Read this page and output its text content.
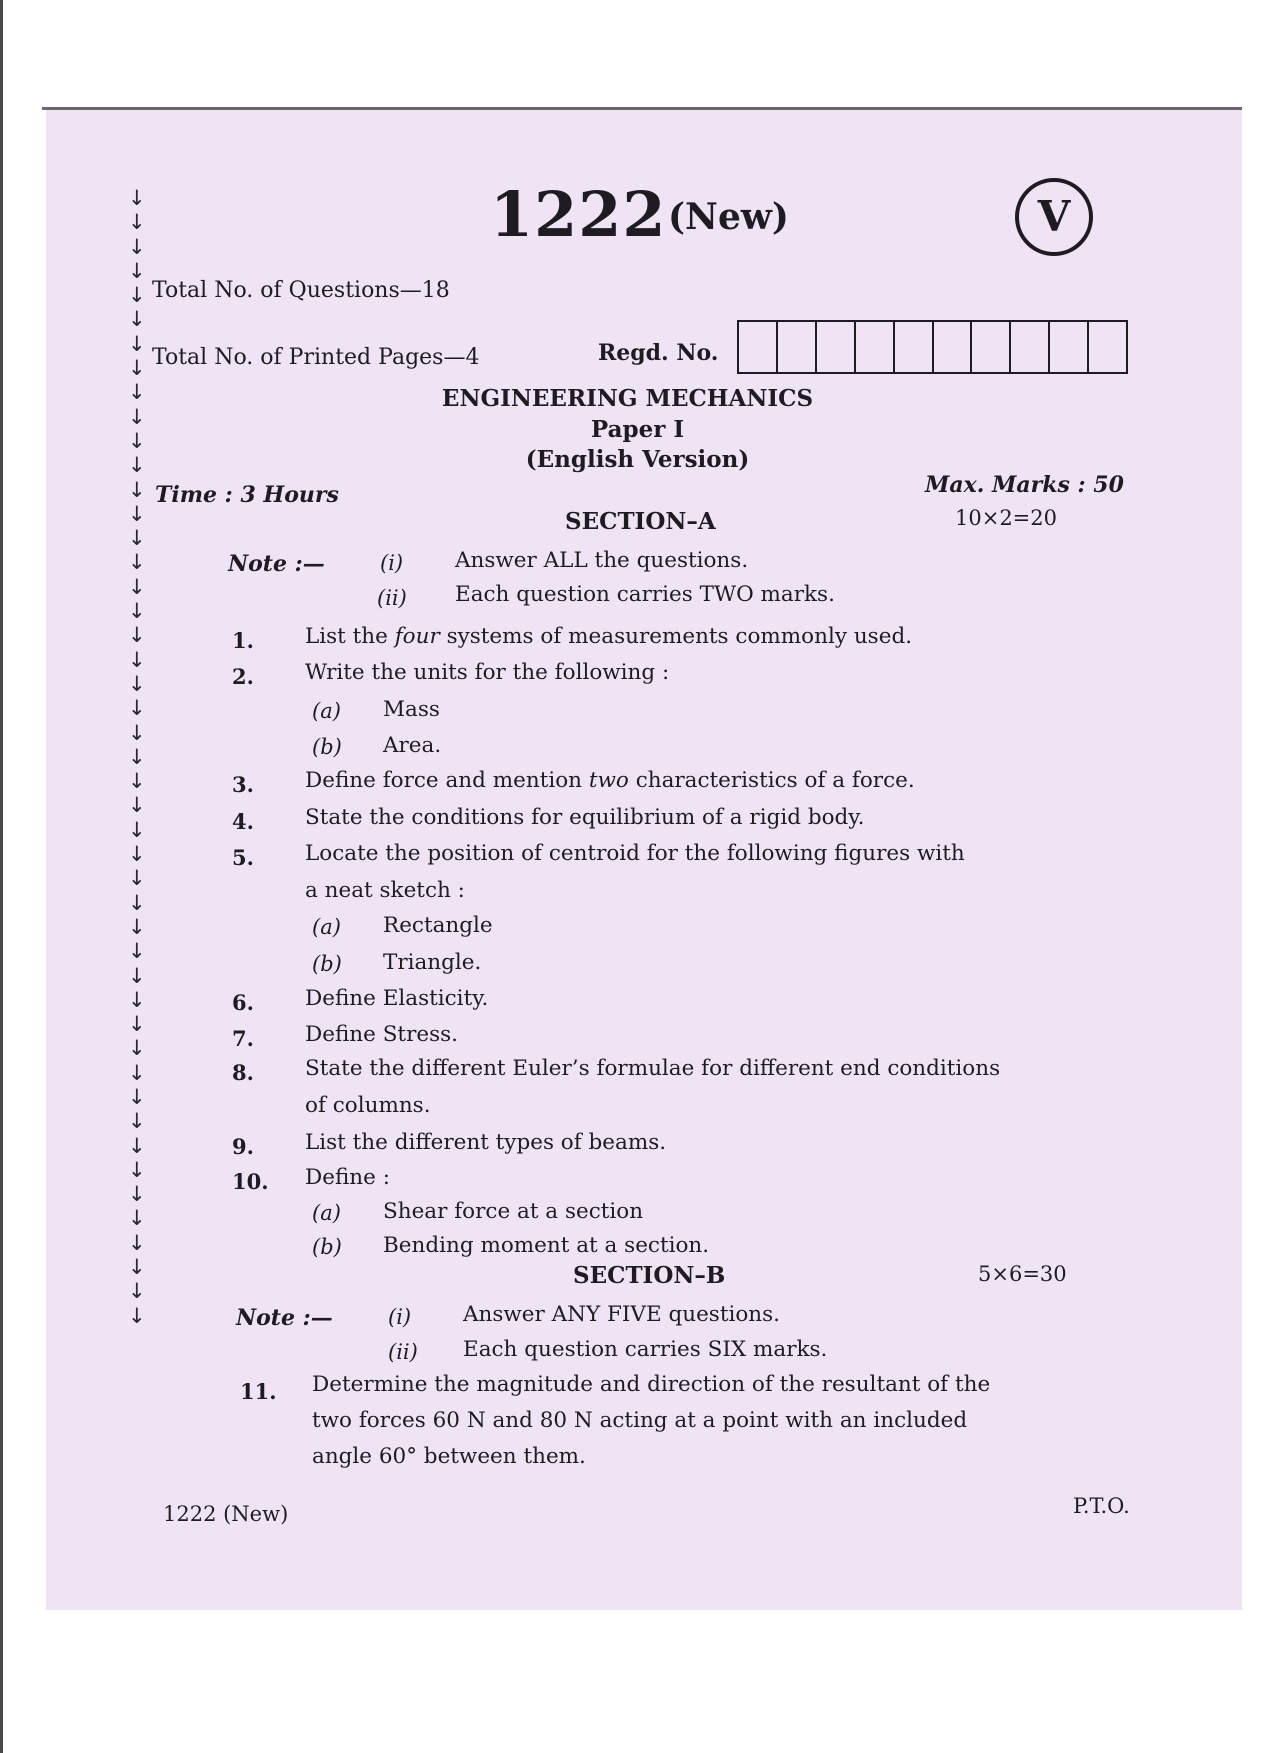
↓
↓
↓
↓
↓
↓
↓
↓
↓
↓
↓
↓
↓
↓
↓
↓
↓
↓
↓
↓
↓
↓
↓
↓
↓
↓
↓
↓
↓
↓
↓
↓
↓
↓
↓
↓
↓
↓
↓
↓
↓
↓
↓
↓
↓
↓
↓
1222 (New)	V
Total No. of Questions—18
Total No. of Printed Pages—4	Regd. No.
ENGINEERING MECHANICS
Paper I
(English Version)
Time : 3 Hours	Max. Marks : 50
SECTION–A	10×2=20
Note :—	(i) Answer ALL the questions.
(ii) Each question carries TWO marks.
1. List the four systems of measurements commonly used.
2. Write the units for the following :
(a) Mass
(b) Area.
3. Define force and mention two characteristics of a force.
4. State the conditions for equilibrium of a rigid body.
5. Locate the position of centroid for the following figures with
a neat sketch :
(a) Rectangle
(b) Triangle.
6. Define Elasticity.
7. Define Stress.
8. State the different Euler’s formulae for different end conditions
of columns.
9. List the different types of beams.
10. Define :
(a) Shear force at a section
(b) Bending moment at a section.
SECTION–B	5×6=30
Note :—	(i) Answer ANY FIVE questions.
(ii) Each question carries SIX marks.
11. Determine the magnitude and direction of the resultant of the
two forces 60 N and 80 N acting at a point with an included
angle 60° between them.
1222 (New)	P.T.O.
